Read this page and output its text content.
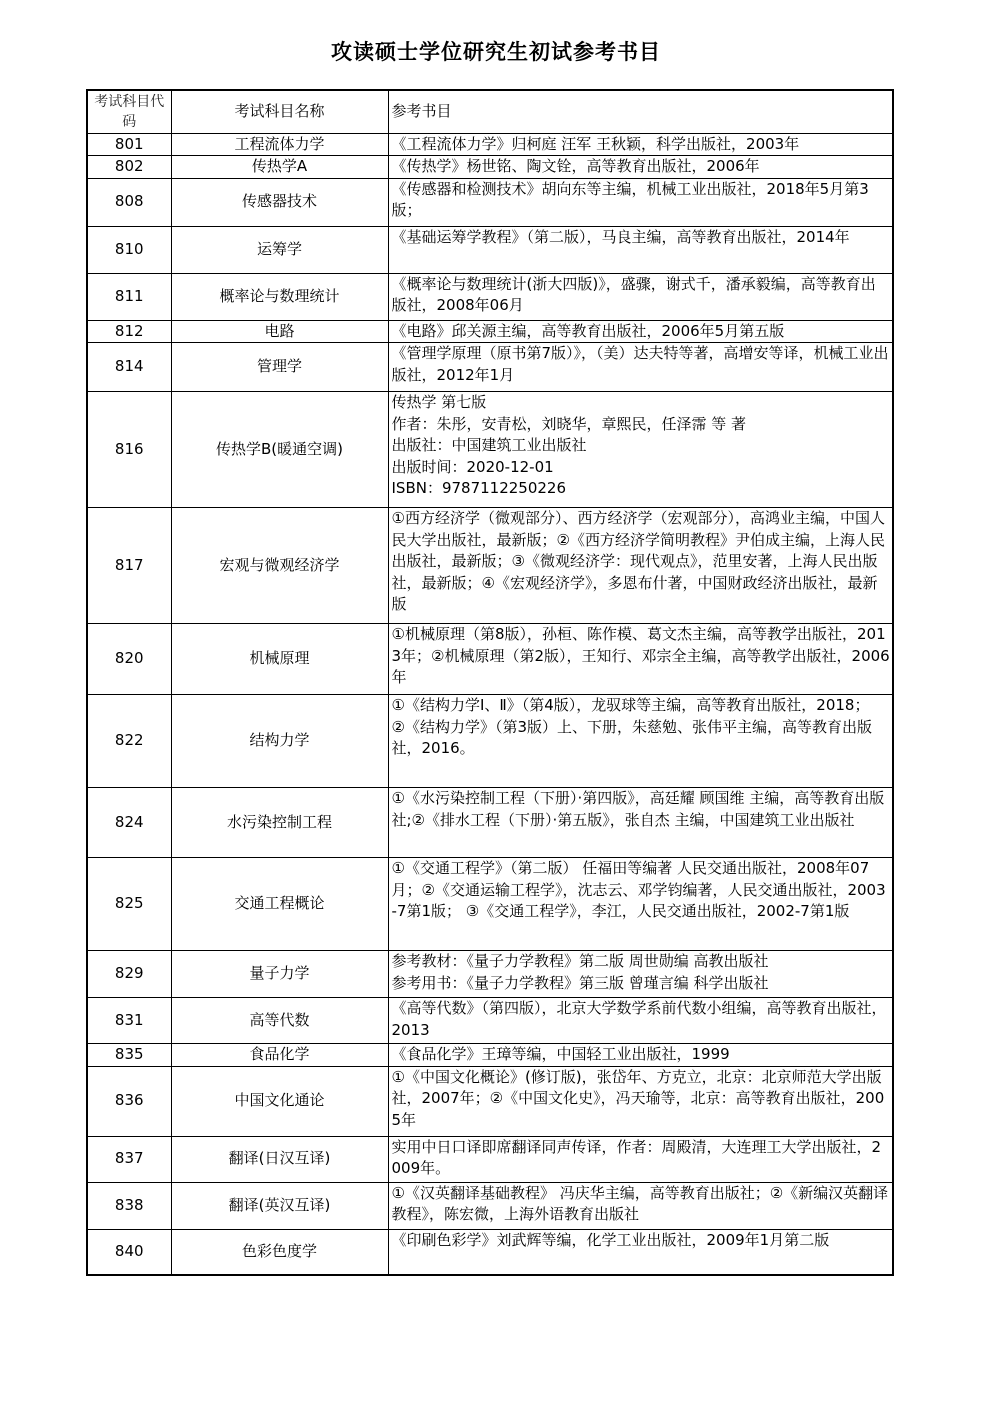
攻读硕士学位研究生初试参考书目
考试科目代码	考试科目名称	参考书目
801	工程流体力学	《工程流体力学》归柯庭 汪军 王秋颖，科学出版社，2003年
802	传热学A	《传热学》杨世铭、陶文铨，高等教育出版社，2006年
808	传感器技术	《传感器和检测技术》胡向东等主编，机械工业出版社，2018年5月第3版；
810	运筹学	《基础运筹学教程》（第二版），马良主编，高等教育出版社，2014年
811	概率论与数理统计	《概率论与数理统计(浙大四版)》，盛骤，谢式千，潘承毅编，高等教育出版社，2008年06月
812	电路	《电路》邱关源主编，高等教育出版社，2006年5月第五版
814	管理学	《管理学原理（原书第7版）》，（美）达夫特等著，高增安等译，机械工业出版社，2012年1月
816	传热学B(暖通空调)	传热学 第七版
作者：朱彤，安青松，刘晓华，章熙民，任泽霈 等 著
出版社：中国建筑工业出版社
出版时间：2020-12-01
ISBN：9787112250226
817	宏观与微观经济学	①西方经济学（微观部分）、西方经济学（宏观部分），高鸿业主编，中国人民大学出版社，最新版；②《西方经济学简明教程》尹伯成主编，上海人民出版社，最新版；③《微观经济学：现代观点》，范里安著，上海人民出版社，最新版；④《宏观经济学》，多恩布什著，中国财政经济出版社，最新版
820	机械原理	①机械原理（第8版），孙桓、陈作模、葛文杰主编，高等教学出版社，2013年；②机械原理（第2版），王知行、邓宗全主编，高等教学出版社，2006年
822	结构力学	①《结构力学Ⅰ、Ⅱ》（第4版），龙驭球等主编，高等教育出版社，2018；
②《结构力学》（第3版）上、下册，朱慈勉、张伟平主编，高等教育出版社，2016。
824	水污染控制工程	①《水污染控制工程（下册）·第四版》，高廷耀 顾国维 主编，高等教育出版社;②《排水工程（下册）·第五版》，张自杰 主编，中国建筑工业出版社
825	交通工程概论	①《交通工程学》（第二版） 任福田等编著 人民交通出版社，2008年07月；②《交通运输工程学》，沈志云、邓学钧编著，人民交通出版社，2003-7第1版； ③《交通工程学》，李江，人民交通出版社，2002-7第1版
829	量子力学	参考教材：《量子力学教程》第二版 周世勋编 高教出版社
参考用书：《量子力学教程》第三版 曾瑾言编 科学出版社
831	高等代数	《高等代数》（第四版），北京大学数学系前代数小组编，高等教育出版社，2013
835	食品化学	《食品化学》王璋等编，中国轻工业出版社，1999
836	中国文化通论	①《中国文化概论》(修订版)，张岱年、方克立，北京：北京师范大学出版社，2007年；②《中国文化史》，冯天瑜等，北京：高等教育出版社，2005年
837	翻译(日汉互译)	实用中日口译即席翻译同声传译，作者：周殿清，大连理工大学出版社，2009年。
838	翻译(英汉互译)	①《汉英翻译基础教程》 冯庆华主编，高等教育出版社；②《新编汉英翻译教程》，陈宏微，上海外语教育出版社
840	色彩色度学	《印刷色彩学》刘武辉等编，化学工业出版社，2009年1月第二版
